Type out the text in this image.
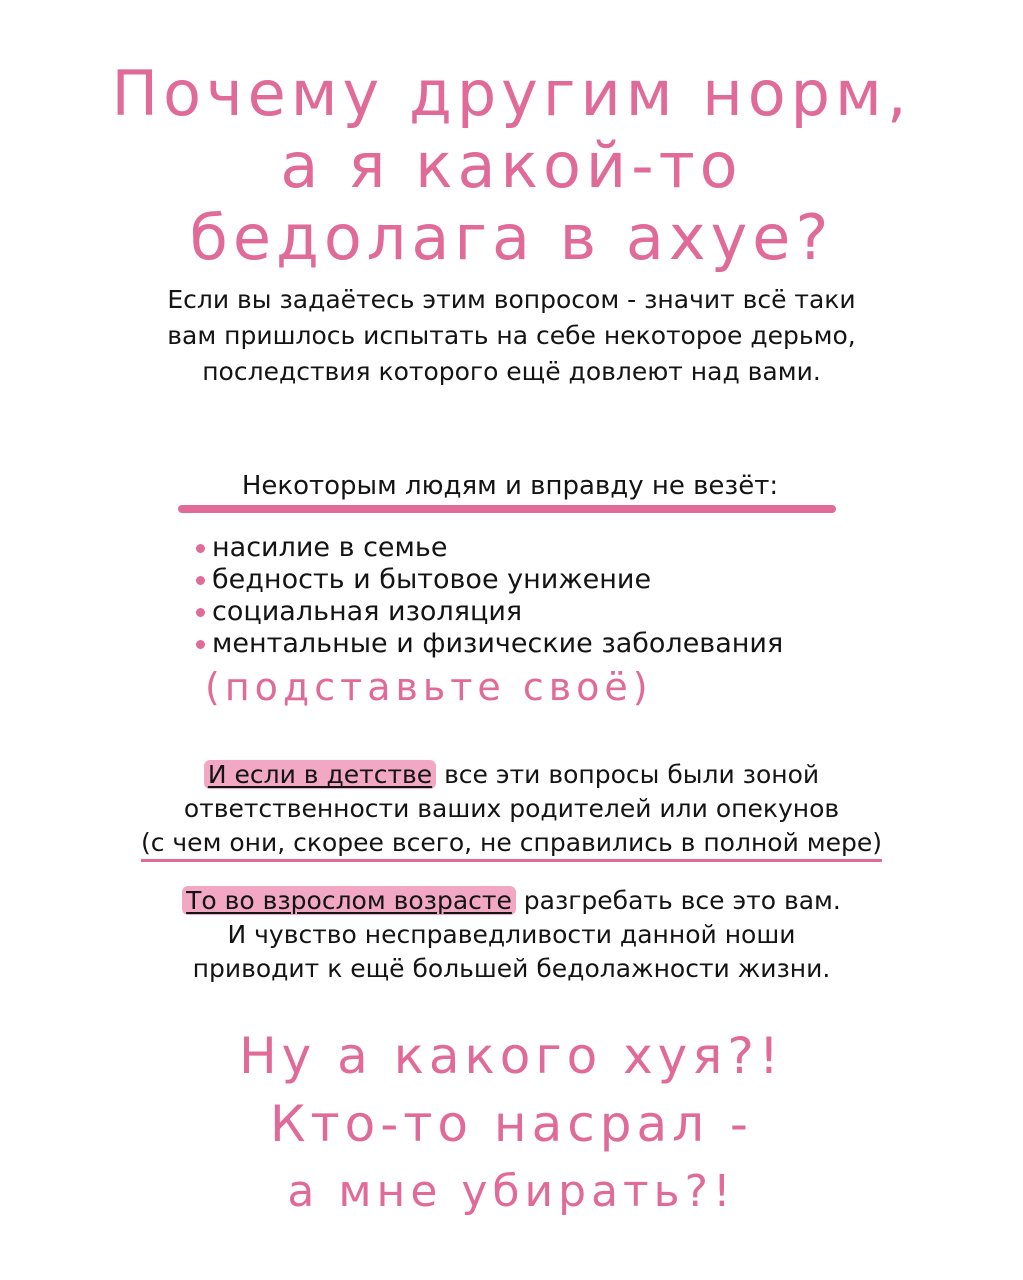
Почему другим норм,
а я какой-то
бедолага в ахуе?
Если вы задаётесь этим вопросом - значит всё таки
вам пришлось испытать на себе некоторое дерьмо,
последствия которого ещё довлеют над вами.
Некоторым людям и вправду не везёт:
насилие в семье
бедность и бытовое унижение
социальная изоляция
ментальные и физические заболевания
(подставьте своё)
И если в детстве все эти вопросы были зоной
ответственности ваших родителей или опекунов
(с чем они, скорее всего, не справились в полной мере)
То во взрослом возрасте разгребать все это вам.
И чувство несправедливости данной ноши
приводит к ещё большей бедолажности жизни.
Ну а какого хуя?!
Кто-то насрал -
а мне убирать?!
